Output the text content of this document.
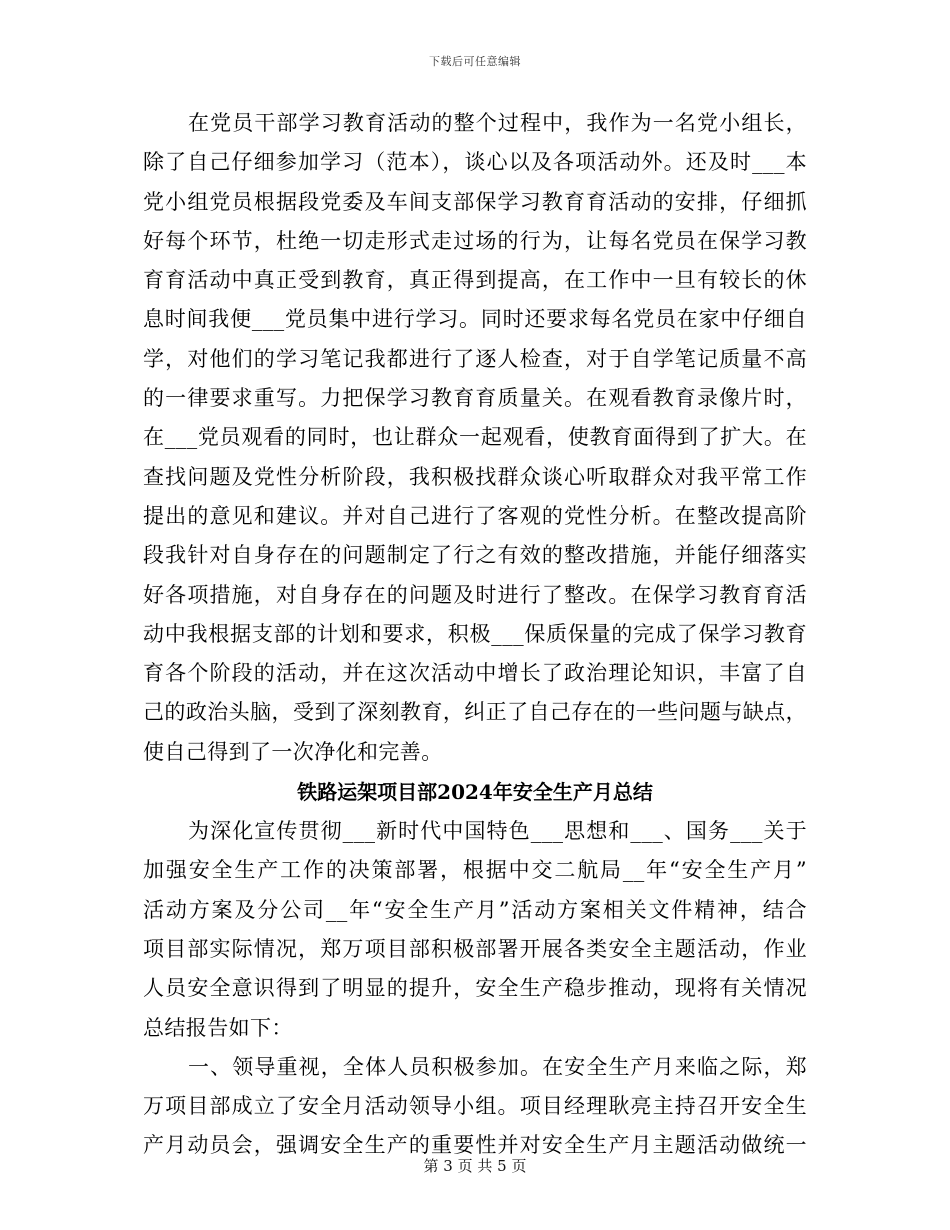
下载后可任意编辑
在党员干部学习教育活动的整个过程中，我作为一名党小组长，
除了自己仔细参加学习（范本），谈心以及各项活动外。还及时___本
党小组党员根据段党委及车间支部保学习教育育活动的安排，仔细抓
好每个环节，杜绝一切走形式走过场的行为，让每名党员在保学习教
育育活动中真正受到教育，真正得到提高，在工作中一旦有较长的休
息时间我便___党员集中进行学习。同时还要求每名党员在家中仔细自
学，对他们的学习笔记我都进行了逐人检查，对于自学笔记质量不高
的一律要求重写。力把保学习教育育质量关。在观看教育录像片时，
在___党员观看的同时，也让群众一起观看，使教育面得到了扩大。在
查找问题及党性分析阶段，我积极找群众谈心听取群众对我平常工作
提出的意见和建议。并对自己进行了客观的党性分析。在整改提高阶
段我针对自身存在的问题制定了行之有效的整改措施，并能仔细落实
好各项措施，对自身存在的问题及时进行了整改。在保学习教育育活
动中我根据支部的计划和要求，积极___保质保量的完成了保学习教育
育各个阶段的活动，并在这次活动中增长了政治理论知识，丰富了自
己的政治头脑，受到了深刻教育，纠正了自己存在的一些问题与缺点，
使自己得到了一次净化和完善。
铁路运架项目部2024年安全生产月总结
为深化宣传贯彻___新时代中国特色___思想和___、国务___关于
加强安全生产工作的决策部署，根据中交二航局__年“安全生产月”
活动方案及分公司__年“安全生产月”活动方案相关文件精神，结合
项目部实际情况，郑万项目部积极部署开展各类安全主题活动，作业
人员安全意识得到了明显的提升，安全生产稳步推动，现将有关情况
总结报告如下：
一、领导重视，全体人员积极参加。在安全生产月来临之际，郑
万项目部成立了安全月活动领导小组。项目经理耿亮主持召开安全生
产月动员会，强调安全生产的重要性并对安全生产月主题活动做统一
第 3 页 共 5 页
